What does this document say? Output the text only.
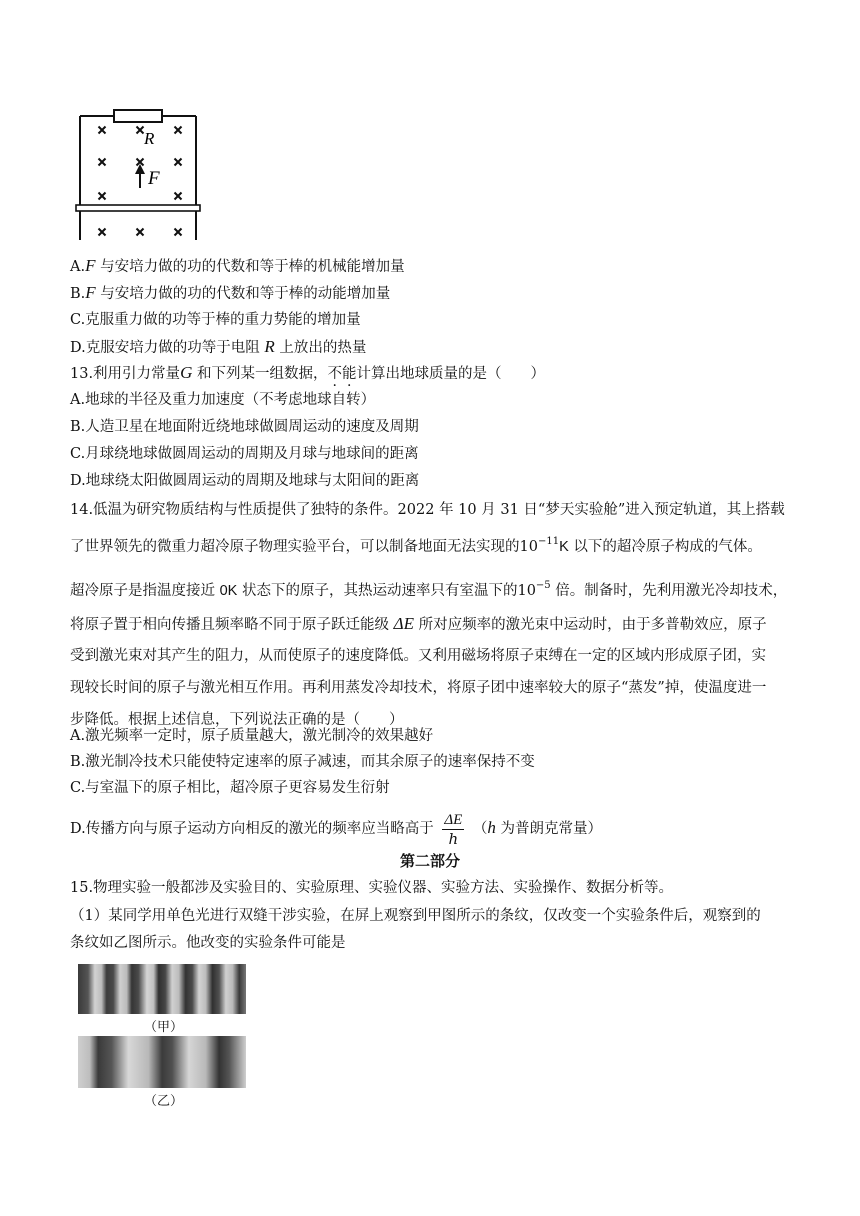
R
F
A.F 与安培力做的功的代数和等于棒的机械能增加量
B.F 与安培力做的功的代数和等于棒的动能增加量
C.克服重力做的功等于棒的重力势能的增加量
D.克服安培力做的功等于电阻 R 上放出的热量
13.利用引力常量G 和下列某一组数据，不能计算出地球质量的是（　　）
A.地球的半径及重力加速度（不考虑地球自转）
B.人造卫星在地面附近绕地球做圆周运动的速度及周期
C.月球绕地球做圆周运动的周期及月球与地球间的距离
D.地球绕太阳做圆周运动的周期及地球与太阳间的距离
14.低温为研究物质结构与性质提供了独特的条件。2022 年 10 月 31 日“梦天实验舱”进入预定轨道，其上搭载
了世界领先的微重力超冷原子物理实验平台，可以制备地面无法实现的$10^{-11}K$ 以下的超冷原子构成的气体。
超冷原子是指温度接近 0K 状态下的原子，其热运动速率只有室温下的$10^{-5}$ 倍。制备时，先利用激光冷却技术，
将原子置于相向传播且频率略不同于原子跃迁能级 ΔE 所对应频率的激光束中运动时，由于多普勒效应，原子
受到激光束对其产生的阻力，从而使原子的速度降低。又利用磁场将原子束缚在一定的区域内形成原子团，实
现较长时间的原子与激光相互作用。再利用蒸发冷却技术，将原子团中速率较大的原子“蒸发”掉，使温度进一
步降低。根据上述信息，下列说法正确的是（　　）
A.激光频率一定时，原子质量越大，激光制冷的效果越好
B.激光制冷技术只能使特定速率的原子减速，而其余原子的速率保持不变
C.与室温下的原子相比，超冷原子更容易发生衍射
D.传播方向与原子运动方向相反的激光的频率应当略高于 $\frac{\Delta E}{h} (h$ 为普朗克常量）
第二部分
15.物理实验一般都涉及实验目的、实验原理、实验仪器、实验方法、实验操作、数据分析等。
（1）某同学用单色光进行双缝干涉实验，在屏上观察到甲图所示的条纹，仅改变一个实验条件后，观察到的
条纹如乙图所示。他改变的实验条件可能是
（甲）
（乙）
